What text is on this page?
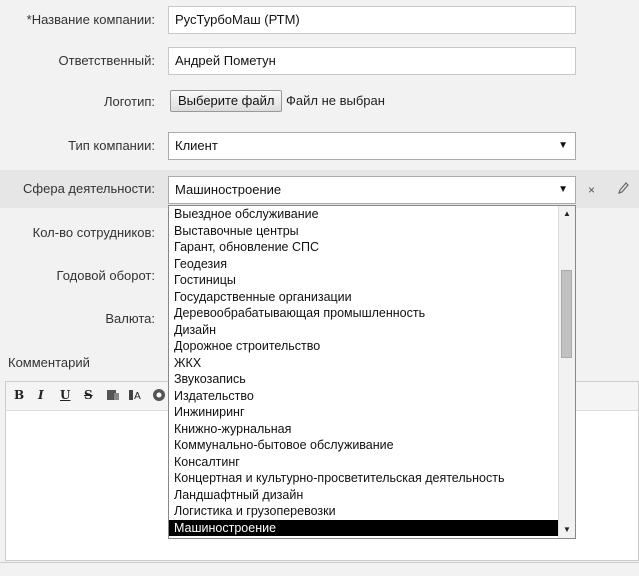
*Название компании:	РусТурбоМаш (РТМ)
Ответственный:	Андрей Пометун
Логотип:	Выберите файл Файл не выбран
Тип компании:	Клиент	▼
Сфера деятельности:	Машиностроение	▼ ×
Кол-во сотрудников:
Годовой оборот:
Валюта:
Комментарий
B I U S	A
Выездное обслуживание
Выставочные центры
Гарант, обновление СПС
Геодезия
Гостиницы
Государственные организации
Деревообрабатывающая промышленность
Дизайн
Дорожное строительство
ЖКХ
Звукозапись
Издательство
Инжиниринг
Книжно-журнальная
Коммунально-бытовое обслуживание
Консалтинг
Концертная и культурно-просветительская деятельность
Ландшафтный дизайн
Логистика и грузоперевозки
Машиностроение
▲
▼
